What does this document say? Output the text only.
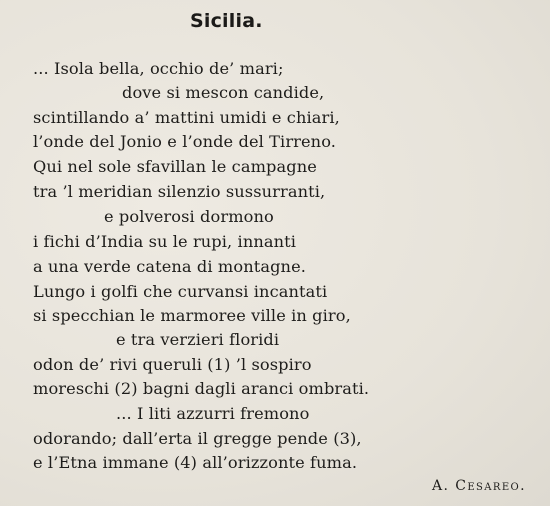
Sicilia.
... Isola bella, occhio de’ mari;
dove si mescon candide,
scintillando a’ mattini umidi e chiari,
l’onde del Jonio e l’onde del Tirreno.
Qui nel sole sfavillan le campagne
tra ’l meridian silenzio sussurranti,
e polverosi dormono
i fichi d’India su le rupi, innanti
a una verde catena di montagne.
Lungo i golfi che curvansi incantati
si specchian le marmoree ville in giro,
e tra verzieri floridi
odon de’ rivi queruli (1) ’l sospiro
moreschi (2) bagni dagli aranci ombrati.
... I liti azzurri fremono
odorando; dall’erta il gregge pende (3),
e l’Etna immane (4) all’orizzonte fuma.
A. Cesareo.
